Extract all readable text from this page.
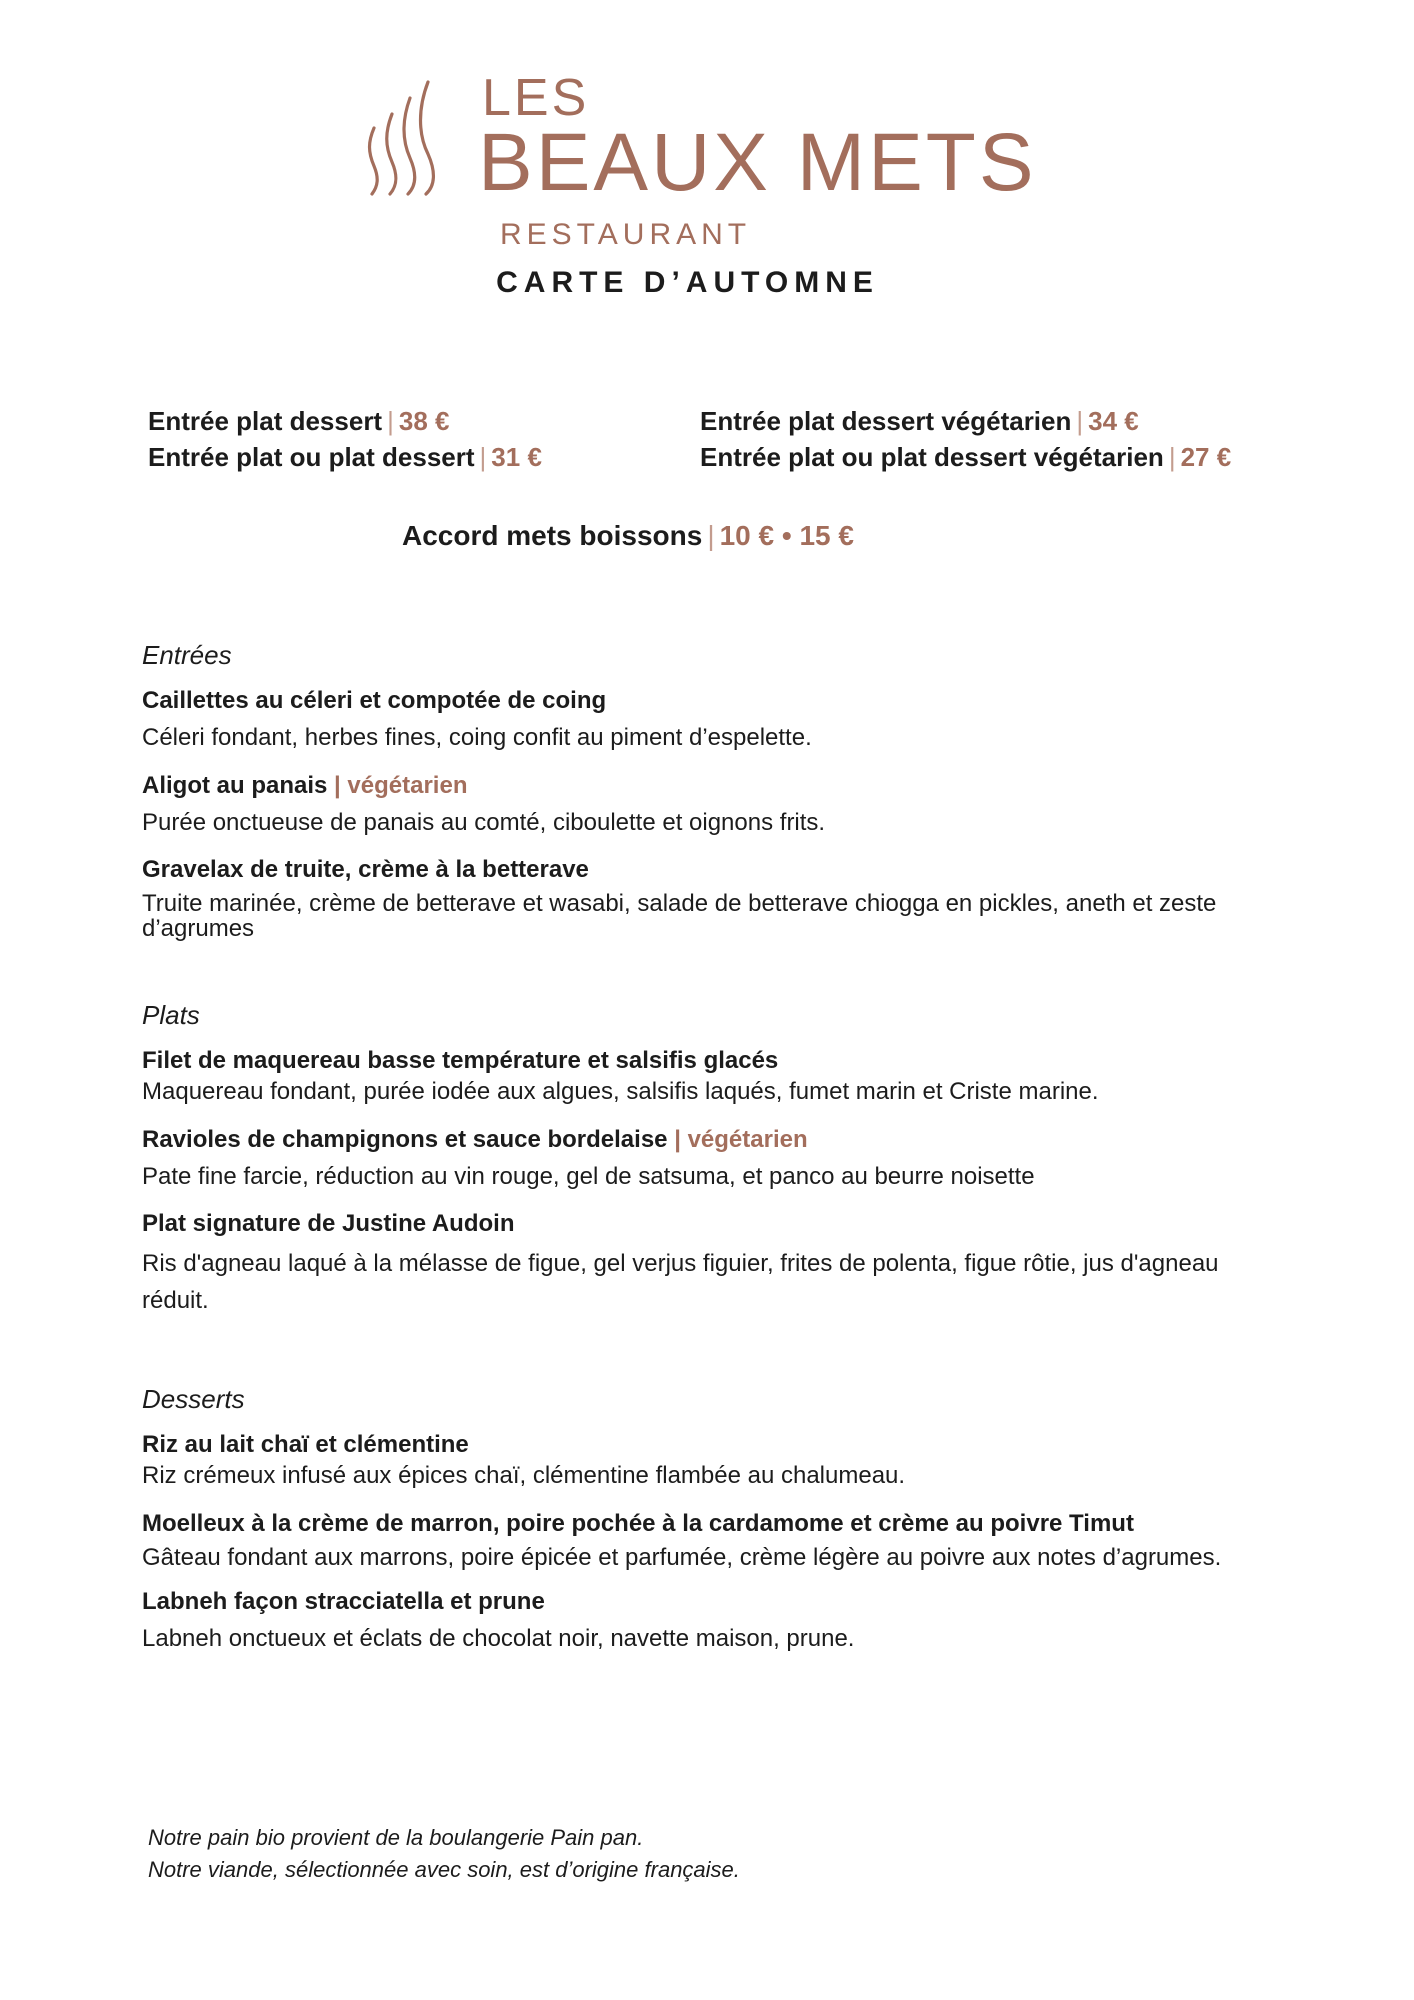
LES
BEAUX METS
RESTAURANT
CARTE D’AUTOMNE
Entrée plat dessert | 38 €
Entrée plat ou plat dessert | 31 €
Entrée plat dessert végétarien | 34 €
Entrée plat ou plat dessert végétarien | 27 €
Accord mets boissons | 10 € • 15 €
Entrées
Caillettes au céleri et compotée de coing
Céleri fondant, herbes fines, coing confit au piment d’espelette.
Aligot au panais | végétarien
Purée onctueuse de panais au comté, ciboulette et oignons frits.
Gravelax de truite, crème à la betterave
Truite marinée, crème de betterave et wasabi, salade de betterave chiogga en pickles, aneth et zeste d’agrumes
Plats
Filet de maquereau basse température et salsifis glacés
Maquereau fondant, purée iodée aux algues, salsifis laqués, fumet marin et Criste marine.
Ravioles de champignons et sauce bordelaise | végétarien
Pate fine farcie, réduction au vin rouge, gel de satsuma, et panco au beurre noisette
Plat signature de Justine Audoin
Ris d'agneau laqué à la mélasse de figue, gel verjus figuier, frites de polenta, figue rôtie, jus d'agneau réduit.
Desserts
Riz au lait chaï et clémentine
Riz crémeux infusé aux épices chaï, clémentine flambée au chalumeau.
Moelleux à la crème de marron, poire pochée à la cardamome et crème au poivre Timut
Gâteau fondant aux marrons, poire épicée et parfumée, crème légère au poivre aux notes d’agrumes.
Labneh façon stracciatella et prune
Labneh onctueux et éclats de chocolat noir, navette maison, prune.
Notre pain bio provient de la boulangerie Pain pan.
Notre viande, sélectionnée avec soin, est d’origine française.
